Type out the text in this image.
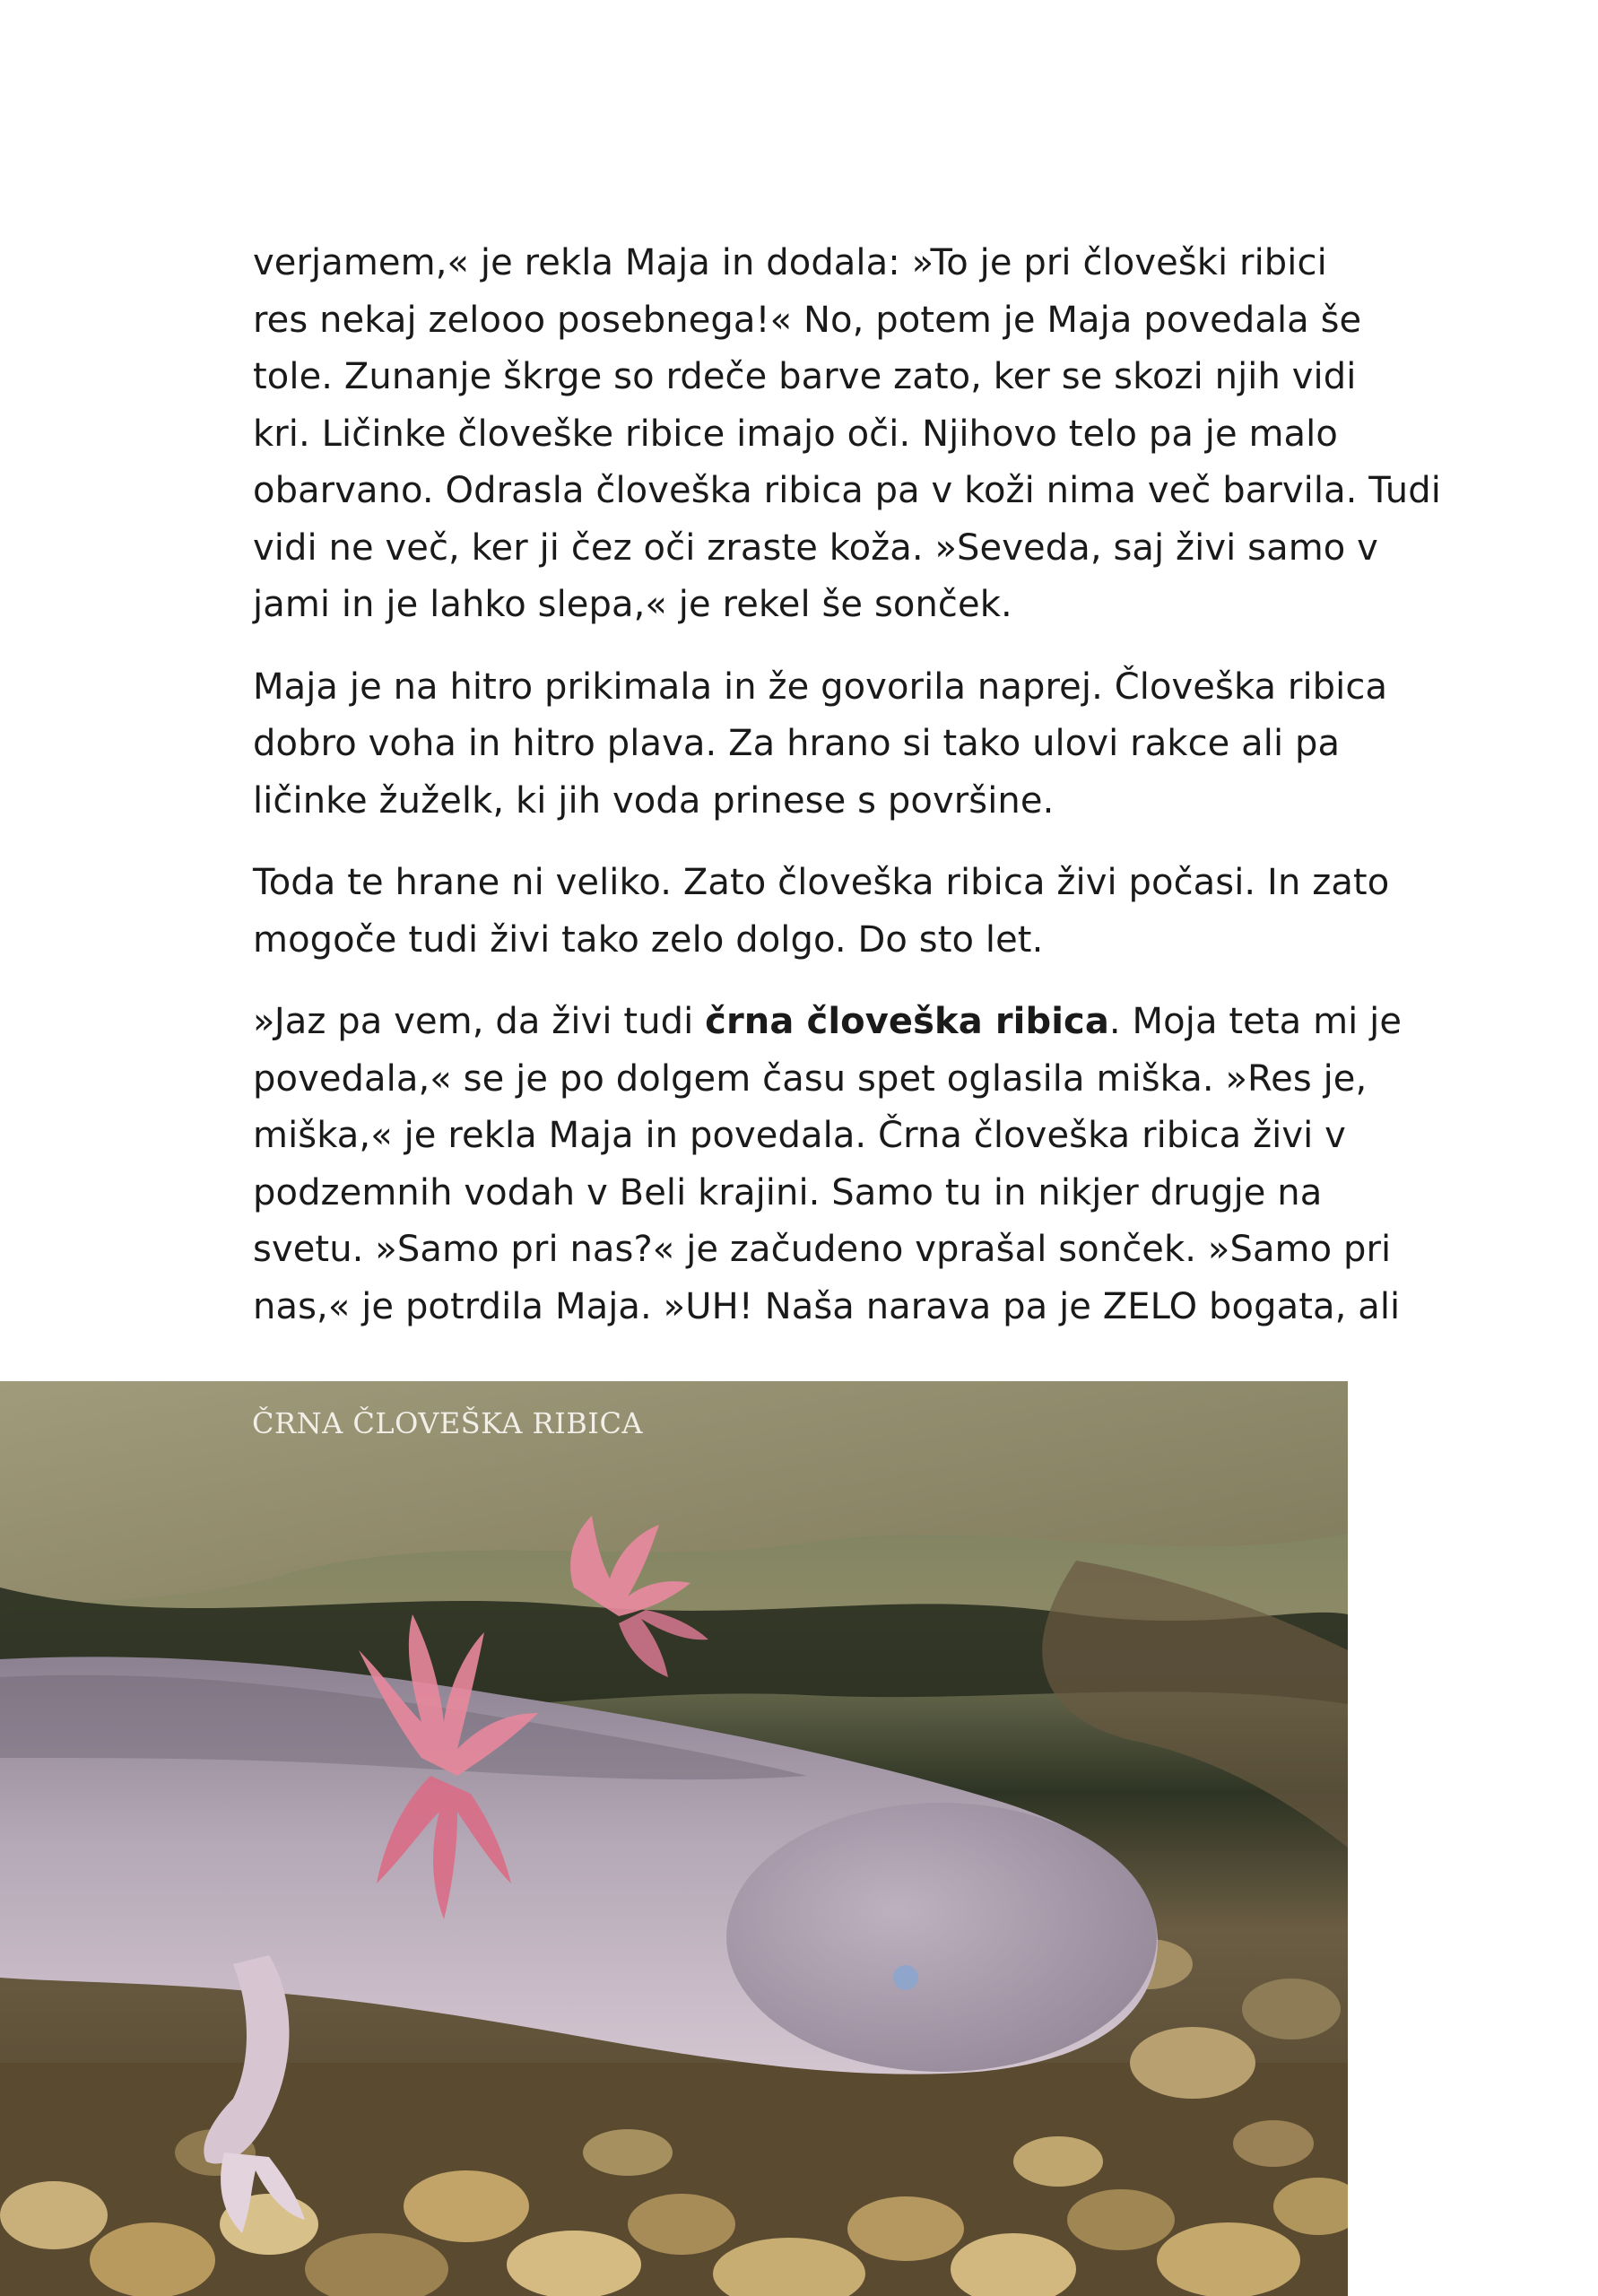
verjamem,« je rekla Maja in dodala: »To je pri človeški ribici
res nekaj zelooo posebnega!« No, potem je Maja povedala še
tole. Zunanje škrge so rdeče barve zato, ker se skozi njih vidi
kri. Ličinke človeške ribice imajo oči. Njihovo telo pa je malo
obarvano. Odrasla človeška ribica pa v koži nima več barvila. Tudi
vidi ne več, ker ji čez oči zraste koža. »Seveda, saj živi samo v
jami in je lahko slepa,« je rekel še sonček.
Maja je na hitro prikimala in že govorila naprej. Človeška ribica
dobro voha in hitro plava. Za hrano si tako ulovi rakce ali pa
ličinke žuželk, ki jih voda prinese s površine.
Toda te hrane ni veliko. Zato človeška ribica živi počasi. In zato
mogoče tudi živi tako zelo dolgo. Do sto let.
»Jaz pa vem, da živi tudi črna človeška ribica. Moja teta mi je
povedala,« se je po dolgem času spet oglasila miška. »Res je,
miška,« je rekla Maja in povedala. Črna človeška ribica živi v
podzemnih vodah v Beli krajini. Samo tu in nikjer drugje na
svetu. »Samo pri nas?« je začudeno vprašal sonček. »Samo pri
nas,« je potrdila Maja. »UH! Naša narava pa je ZELO bogata, ali
ČRNA ČLOVEŠKA RIBICA
